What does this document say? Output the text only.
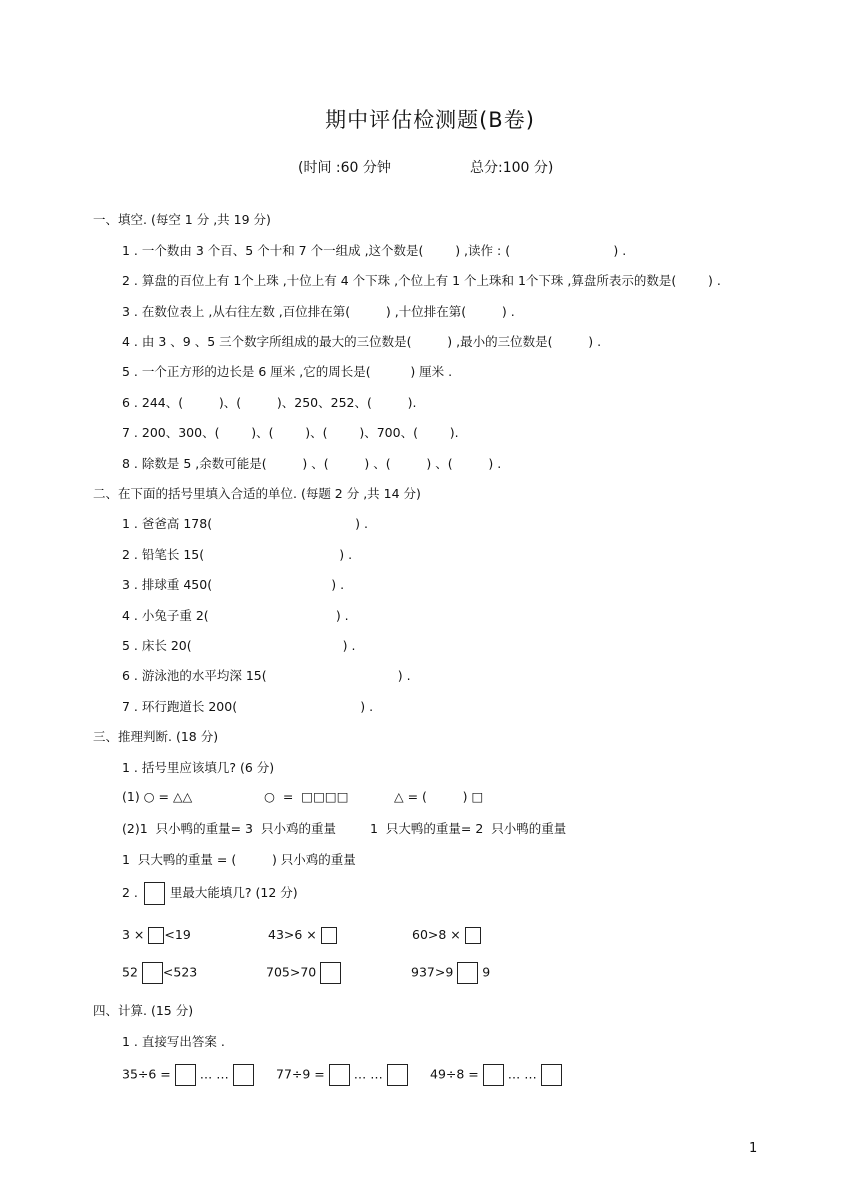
期中评估检测题(B卷)
(时间 :60 分钟	总分:100 分)
一、填空. (每空 1 分 ,共 19 分)
1 . 一个数由 3 个百、5 个十和 7 个一组成 ,这个数是(        ) ,读作 : (                          ) .
2 . 算盘的百位上有 1个上珠 ,十位上有 4 个下珠 ,个位上有 1 个上珠和 1个下珠 ,算盘所表示的数是(        ) .
3 . 在数位表上 ,从右往左数 ,百位排在第(         ) ,十位排在第(         ) .
4 . 由 3 、9 、5 三个数字所组成的最大的三位数是(         ) ,最小的三位数是(         ) .
5 . 一个正方形的边长是 6 厘米 ,它的周长是(          ) 厘米 .
6 . 244、(         )、(         )、250、252、(         ).
7 . 200、300、(        )、(        )、(        )、700、(        ).
8 . 除数是 5 ,余数可能是(         ) 、(         ) 、(         ) 、(         ) .
二、在下面的括号里填入合适的单位. (每题 2 分 ,共 14 分)
1 . 爸爸高 178(                                    ) .
2 . 铅笔长 15(                                  ) .
3 . 排球重 450(                              ) .
4 . 小兔子重 2(                                ) .
5 . 床长 20(                                      ) .
6 . 游泳池的水平均深 15(                                 ) .
7 . 环行跑道长 200(                               ) .
三、推理判断. (18 分)
1 . 括号里应该填几? (6 分)
(1) ○ = △△	○  =  □□□□	△ = (         ) □
(2)1  只小鸭的重量= 3  只小鸡的重量	1  只大鸭的重量= 2  只小鸭的重量
1  只大鸭的重量 = (         ) 只小鸡的重量
2 .	里最大能填几? (12 分)
3 × <19	43>6 ×	60>8 ×
52 <523	705>70	937>9 9
四、计算. (15 分)
1 . 直接写出答案 .
35÷6 = … …	77÷9 = … …	49÷8 = … …
1
